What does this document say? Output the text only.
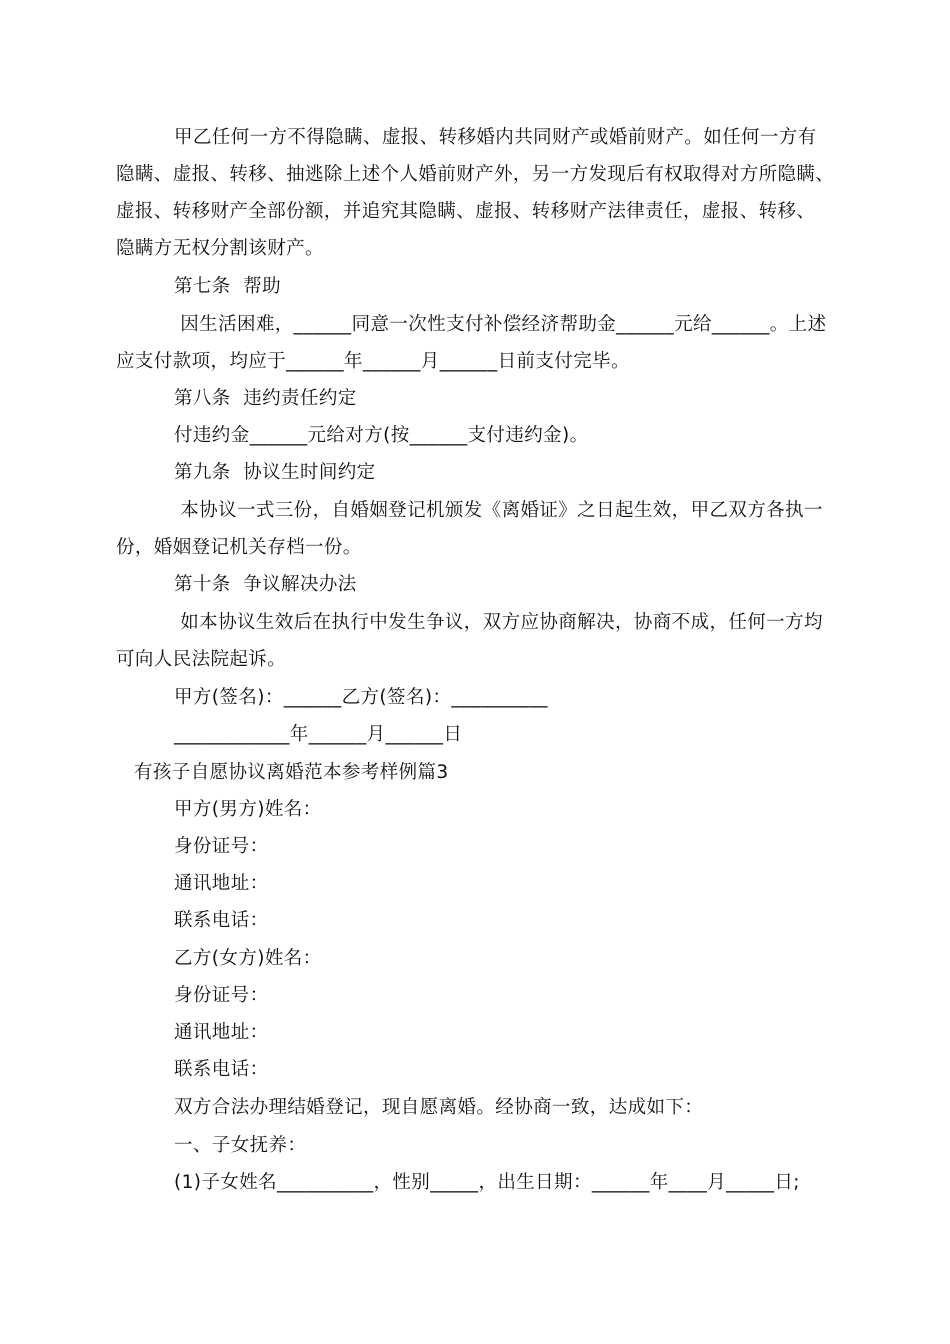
甲乙任何一方不得隐瞒、虚报、转移婚内共同财产或婚前财产。如任何一方有
隐瞒、虚报、转移、抽逃除上述个人婚前财产外，另一方发现后有权取得对方所隐瞒、
虚报、转移财产全部份额，并追究其隐瞒、虚报、转移财产法律责任，虚报、转移、
隐瞒方无权分割该财产。
第七条  帮助
因生活困难，______同意一次性支付补偿经济帮助金______元给______。上述
应支付款项，均应于______年______月______日前支付完毕。
第八条  违约责任约定
付违约金______元给对方(按______支付违约金)。
第九条  协议生时间约定
本协议一式三份，自婚姻登记机颁发《离婚证》之日起生效，甲乙双方各执一
份，婚姻登记机关存档一份。
第十条  争议解决办法
如本协议生效后在执行中发生争议，双方应协商解决，协商不成，任何一方均
可向人民法院起诉。
甲方(签名)：______乙方(签名)：__________
____________年______月______日
有孩子自愿协议离婚范本参考样例篇3
甲方(男方)姓名：
身份证号：
通讯地址：
联系电话：
乙方(女方)姓名：
身份证号：
通讯地址：
联系电话：
双方合法办理结婚登记，现自愿离婚。经协商一致，达成如下：
一、子女抚养：
(1)子女姓名__________，性别_____，出生日期：______年____月_____日;
